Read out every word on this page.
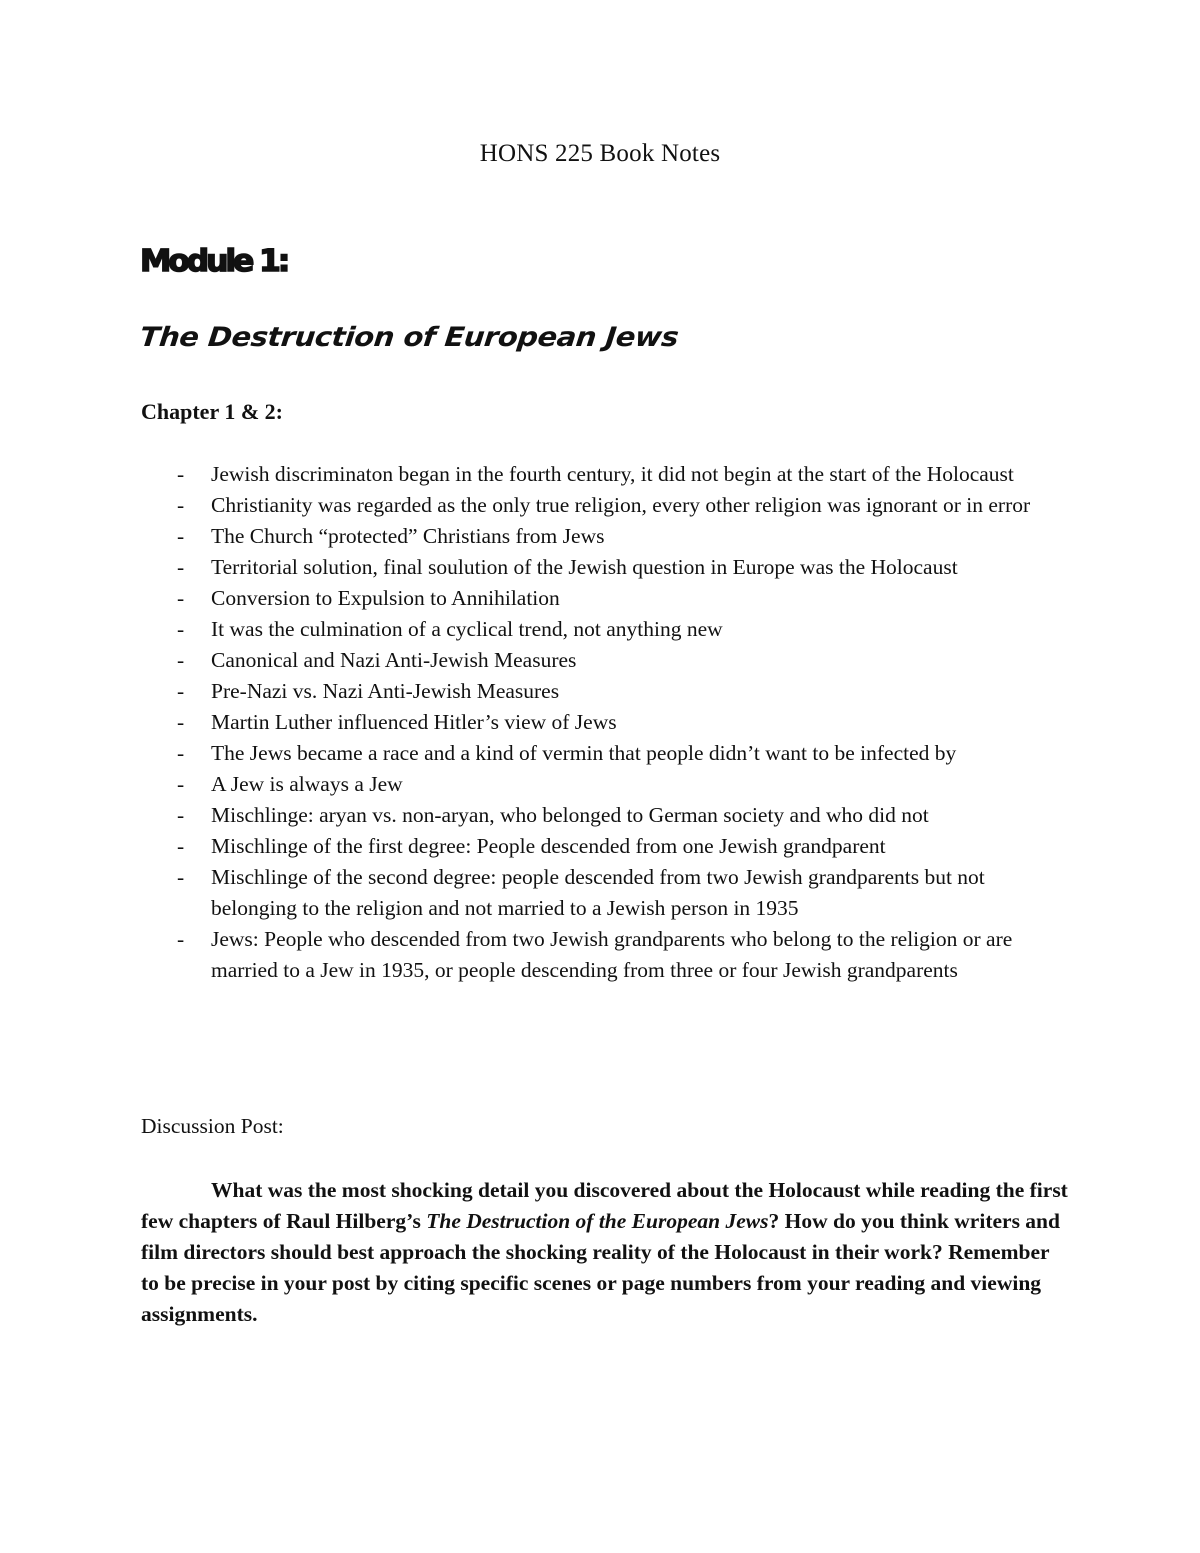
HONS 225 Book Notes
Module 1:
The Destruction of European Jews
Chapter 1 & 2:
- Jewish discriminaton began in the fourth century, it did not begin at the start of the Holocaust
- Christianity was regarded as the only true religion, every other religion was ignorant or in error
- The Church “protected” Christians from Jews
- Territorial solution, final soulution of the Jewish question in Europe was the Holocaust
- Conversion to Expulsion to Annihilation
- It was the culmination of a cyclical trend, not anything new
- Canonical and Nazi Anti-Jewish Measures
- Pre-Nazi vs. Nazi Anti-Jewish Measures
- Martin Luther influenced Hitler’s view of Jews
- The Jews became a race and a kind of vermin that people didn’t want to be infected by
- A Jew is always a Jew
- Mischlinge: aryan vs. non-aryan, who belonged to German society and who did not
- Mischlinge of the first degree: People descended from one Jewish grandparent
- Mischlinge of the second degree: people descended from two Jewish grandparents but not belonging to the religion and not married to a Jewish person in 1935
- Jews: People who descended from two Jewish grandparents who belong to the religion or are married to a Jew in 1935, or people descending from three or four Jewish grandparents
Discussion Post:
What was the most shocking detail you discovered about the Holocaust while reading the first few chapters of Raul Hilberg’s The Destruction of the European Jews? How do you think writers and film directors should best approach the shocking reality of the Holocaust in their work? Remember to be precise in your post by citing specific scenes or page numbers from your reading and viewing assignments.
